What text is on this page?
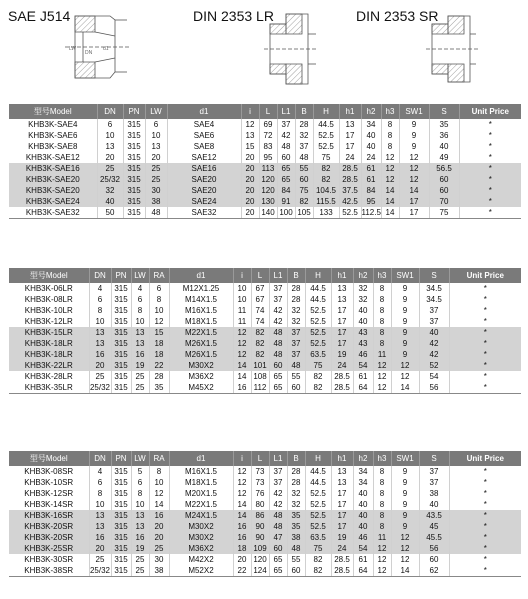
SAE J514	DIN 2353 LR	DIN 2353 SR
LW
DN
d1
型号Model	DN	PN	LW	d1	i	L	L1	B	H	h1	h2	h3	SW1	S	Unit Price
KHB3K-SAE4	6	315	6	SAE4	12	69	37	28	44.5	13	34	8	9	35	*
KHB3K-SAE6	10	315	10	SAE6	13	72	42	32	52.5	17	40	8	9	36	*
KHB3K-SAE8	13	315	13	SAE8	15	83	48	37	52.5	17	40	8	9	40	*
KHB3K-SAE12	20	315	20	SAE12	20	95	60	48	75	24	24	12	12	49	*
KHB3K-SAE16	25	315	25	SAE16	20	113	65	55	82	28.5	61	12	12	56.5	*
KHB3K-SAE20	25/32	315	25	SAE20	20	120	65	60	82	28.5	61	12	12	60	*
KHB3K-SAE20	32	315	30	SAE20	20	120	84	75	104.5	37.5	84	14	14	60	*
KHB3K-SAE24	40	315	38	SAE24	20	130	91	82	115.5	42.5	95	14	17	70	*
KHB3K-SAE32	50	315	48	SAE32	20	140	100	105	133	52.5	112.5	14	17	75	*
型号Model	DN	PN	LW	RA	d1	i	L	L1	B	H	h1	h2	h3	SW1	S	Unit Price
KHB3K-06LR	4	315	4	6	M12X1.25	10	67	37	28	44.5	13	32	8	9	34.5	*
KHB3K-08LR	6	315	6	8	M14X1.5	10	67	37	28	44.5	13	32	8	9	34.5	*
KHB3K-10LR	8	315	8	10	M16X1.5	11	74	42	32	52.5	17	40	8	9	37	*
KHB3K-12LR	10	315	10	12	M18X1.5	11	74	42	32	52.5	17	40	8	9	37	*
KHB3K-15LR	13	315	13	15	M22X1.5	12	82	48	37	52.5	17	43	8	9	40	*
KHB3K-18LR	13	315	13	18	M26X1.5	12	82	48	37	52.5	17	43	8	9	42	*
KHB3K-18LR	16	315	16	18	M26X1.5	12	82	48	37	63.5	19	46	11	9	42	*
KHB3K-22LR	20	315	19	22	M30X2	14	101	60	48	75	24	54	12	12	52	*
KHB3K-28LR	25	315	25	28	M36X2	14	108	65	55	82	28.5	61	12	12	54	*
KHB3K-35LR	25/32	315	25	35	M45X2	16	112	65	60	82	28.5	64	12	14	56	*
型号Model	DN	PN	LW	RA	d1	i	L	L1	B	H	h1	h2	h3	SW1	S	Unit Price
KHB3K-08SR	4	315	5	8	M16X1.5	12	73	37	28	44.5	13	34	8	9	37	*
KHB3K-10SR	6	315	6	10	M18X1.5	12	73	37	28	44.5	13	34	8	9	37	*
KHB3K-12SR	8	315	8	12	M20X1.5	12	76	42	32	52.5	17	40	8	9	38	*
KHB3K-14SR	10	315	10	14	M22X1.5	14	80	42	32	52.5	17	40	8	9	40	*
KHB3K-16SR	13	315	13	16	M24X1.5	14	86	48	35	52.5	17	40	8	9	43.5	*
KHB3K-20SR	13	315	13	20	M30X2	16	90	48	35	52.5	17	40	8	9	45	*
KHB3K-20SR	16	315	16	20	M30X2	16	90	47	38	63.5	19	46	11	12	45.5	*
KHB3K-25SR	20	315	19	25	M36X2	18	109	60	48	75	24	54	12	12	56	*
KHB3K-30SR	25	315	25	30	M42X2	20	120	65	55	82	28.5	61	12	12	60	*
KHB3K-38SR	25/32	315	25	38	M52X2	22	124	65	60	82	28.5	64	12	14	62	*
